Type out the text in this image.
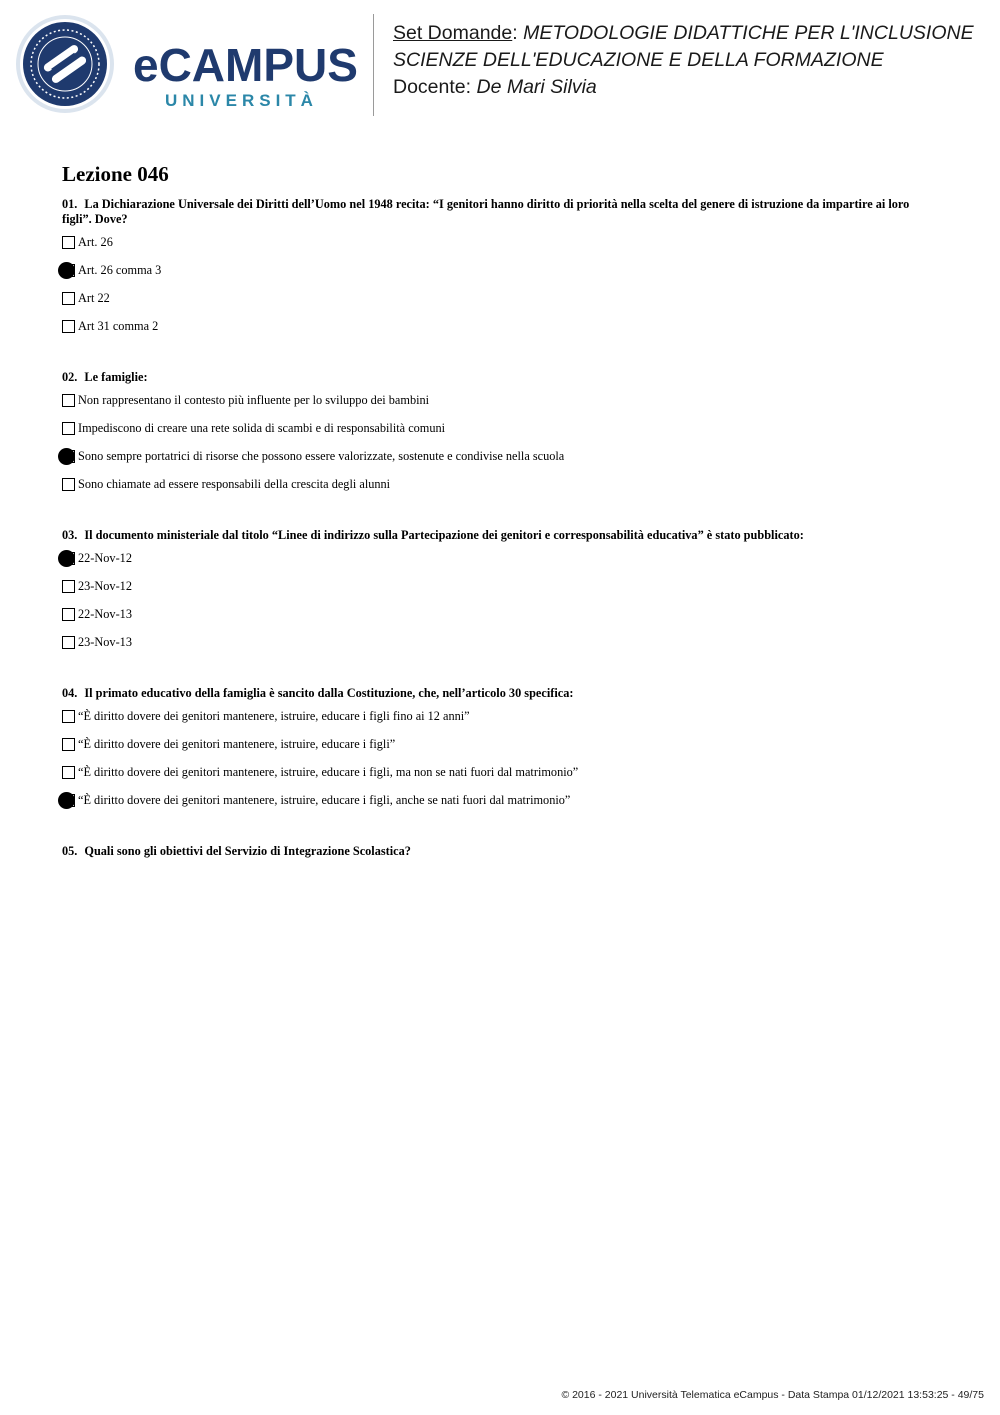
eCAMPUS
UNIVERSITÀ
Set Domande: METODOLOGIE DIDATTICHE PER L'INCLUSIONE
SCIENZE DELL'EDUCAZIONE E DELLA FORMAZIONE
Docente: De Mari Silvia
Lezione 046
01. La Dichiarazione Universale dei Diritti dell’Uomo nel 1948 recita: “I genitori hanno diritto di priorità nella scelta del genere di istruzione da impartire ai loro figli”. Dove?
Art. 26
Art. 26 comma 3
Art 22
Art 31 comma 2
02. Le famiglie:
Non rappresentano il contesto più influente per lo sviluppo dei bambini
Impediscono di creare una rete solida di scambi e di responsabilità comuni
Sono sempre portatrici di risorse che possono essere valorizzate, sostenute e condivise nella scuola
Sono chiamate ad essere responsabili della crescita degli alunni
03. Il documento ministeriale dal titolo “Linee di indirizzo sulla Partecipazione dei genitori e corresponsabilità educativa” è stato pubblicato:
22-Nov-12
23-Nov-12
22-Nov-13
23-Nov-13
04. Il primato educativo della famiglia è sancito dalla Costituzione, che, nell’articolo 30 specifica:
“È diritto dovere dei genitori mantenere, istruire, educare i figli fino ai 12 anni”
“È diritto dovere dei genitori mantenere, istruire, educare i figli”
“È diritto dovere dei genitori mantenere, istruire, educare i figli, ma non se nati fuori dal matrimonio”
“È diritto dovere dei genitori mantenere, istruire, educare i figli, anche se nati fuori dal matrimonio”
05. Quali sono gli obiettivi del Servizio di Integrazione Scolastica?
© 2016 - 2021 Università Telematica eCampus - Data Stampa 01/12/2021 13:53:25 - 49/75
